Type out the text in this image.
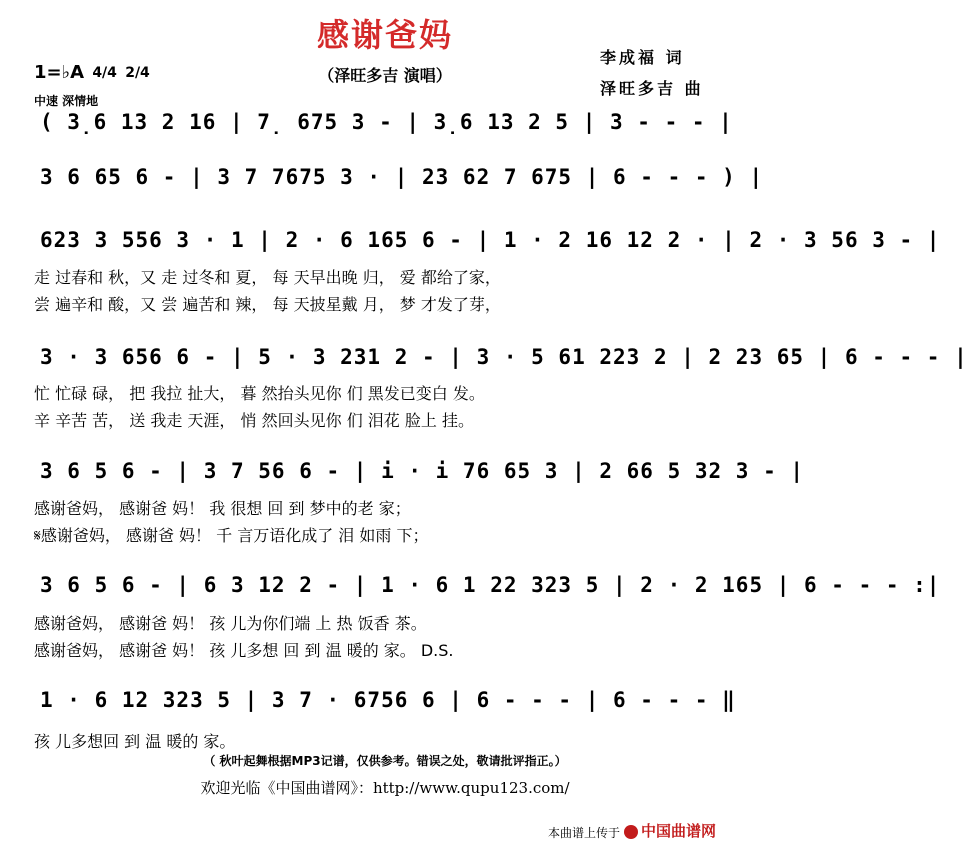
感谢爸妈
（泽旺多吉 演唱）
李成福 词
泽旺多吉 曲
1=♭A 4/4 2/4
中速 深情地
( 3̣6 13 2 16 | 7̣ 675 3 - | 3̣6 13 2 5 | 3 - - - |
3 6 65 6 - | 3 7 7675 3 · | 23 62 7 675 | 6 - - - ) |
623 3 556 3 · 1 | 2 · 6 165 6 - | 1 · 2 16 12 2 · | 2 · 3 56 3 - |
走 过春和 秋，又 走 过冬和 夏， 每 天早出晚 归， 爱 都给了家，
尝 遍辛和 酸，又 尝 遍苦和 辣， 每 天披星戴 月， 梦 才发了芽，
3 · 3 656 6 - | 5 · 3 231 2 - | 3 · 5 61 223 2 | 2 23 65 | 6 - - - |
忙 忙碌 碌， 把 我拉 扯大， 暮 然抬头见你 们 黑发已变白 发。
辛 辛苦 苦， 送 我走 天涯， 悄 然回头见你 们 泪花 脸上 挂。
3 6 5 6 - | 3 7 56 6 - | i · i 76 65 3 | 2 66 5 32 3 - |
感谢爸妈， 感谢爸 妈！ 我 很想 回 到 梦中的老 家；
𝄋感谢爸妈， 感谢爸 妈！ 千 言万语化成了 泪 如雨 下；
3 6 5 6 - | 6 3 12 2 - | 1 · 6 1 22 323 5 | 2 · 2 165 | 6 - - - :|
感谢爸妈， 感谢爸 妈！ 孩 儿为你们端 上 热 饭香 茶。
感谢爸妈， 感谢爸 妈！ 孩 儿多想 回 到 温 暖的 家。 D.S.
1 · 6 12 323 5 | 3 7 · 6756 6 | 6 - - - | 6 - - - ‖
孩 儿多想回 到 温 暖的 家。
（ 秋叶起舞根据MP3记谱，仅供参考。错误之处，敬请批评指正。）
欢迎光临《中国曲谱网》：http://www.qupu123.com/
本曲谱上传于	中国曲谱网
